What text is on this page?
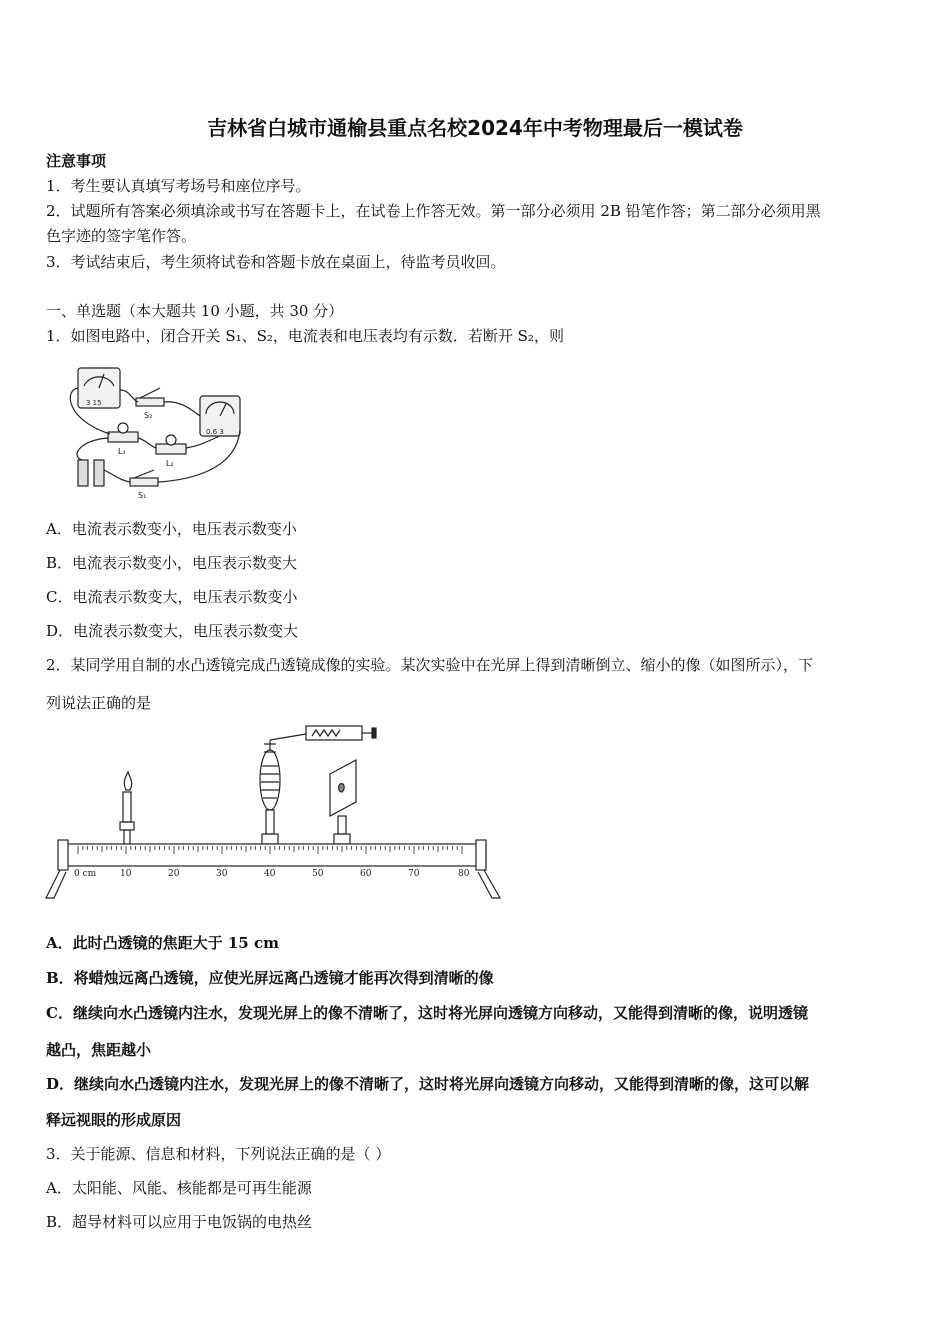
吉林省白城市通榆县重点名校2024年中考物理最后一模试卷
注意事项
1．考生要认真填写考场号和座位序号。
2．试题所有答案必须填涂或书写在答题卡上，在试卷上作答无效。第一部分必须用 2B 铅笔作答；第二部分必须用黑
色字迹的签字笔作答。
3．考试结束后，考生须将试卷和答题卡放在桌面上，待监考员收回。
一、单选题（本大题共 10 小题，共 30 分）
1．如图电路中，闭合开关 S₁、S₂，电流表和电压表均有示数．若断开 S₂，则
3 15
0.6 3
S₂
L₁
L₂
S₁
A．电流表示数变小，电压表示数变小
B．电流表示数变小，电压表示数变大
C．电流表示数变大，电压表示数变小
D．电流表示数变大，电压表示数变大
2．某同学用自制的水凸透镜完成凸透镜成像的实验。某次实验中在光屏上得到清晰倒立、缩小的像（如图所示），下
列说法正确的是
0 cm	10	20	30	40	50	60	70	80
A．此时凸透镜的焦距大于 15 cm
B．将蜡烛远离凸透镜，应使光屏远离凸透镜才能再次得到清晰的像
C．继续向水凸透镜内注水，发现光屏上的像不清晰了，这时将光屏向透镜方向移动，又能得到清晰的像，说明透镜
越凸，焦距越小
D．继续向水凸透镜内注水，发现光屏上的像不清晰了，这时将光屏向透镜方向移动，又能得到清晰的像，这可以解
释远视眼的形成原因
3．关于能源、信息和材料，下列说法正确的是（ ）
A．太阳能、风能、核能都是可再生能源
B．超导材料可以应用于电饭锅的电热丝
